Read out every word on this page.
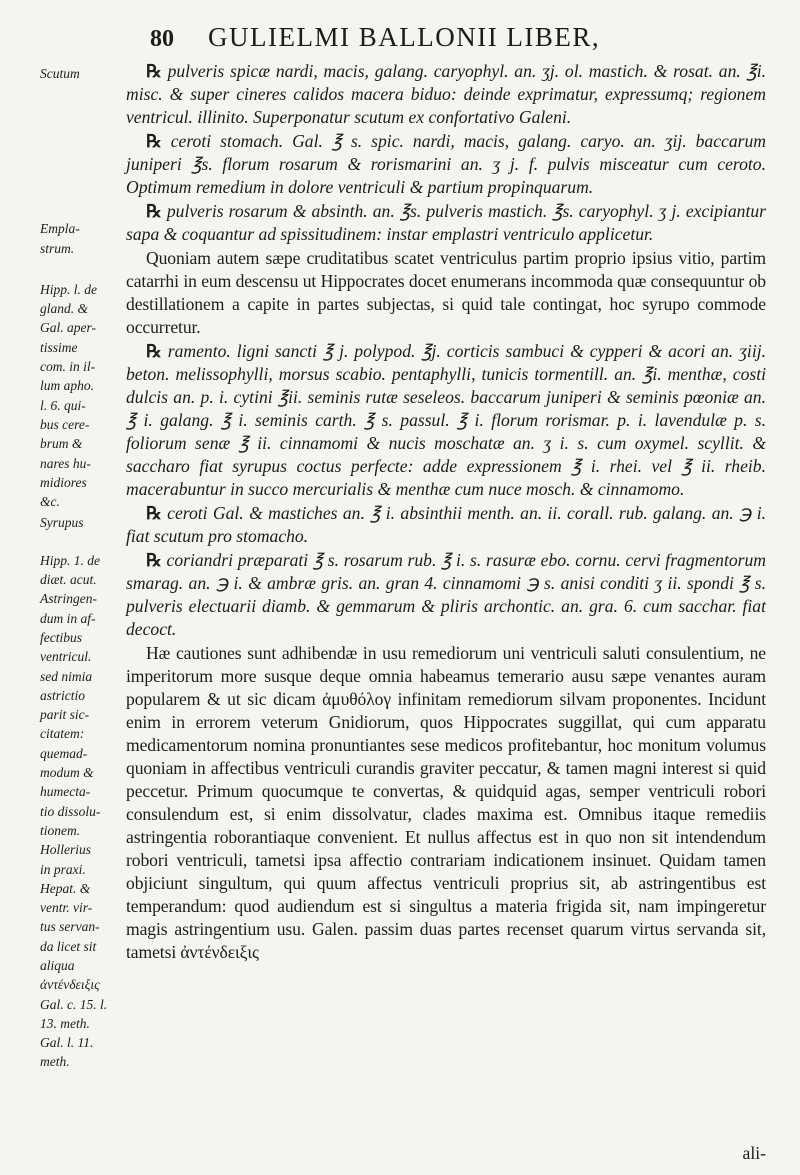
80 GULIELMI BALLONII LIBER,

Scutum

Empla-
strum.

Hipp. l. de
gland. &
Gal. aper-
tissime
com. in il-
lum apho.
l. 6. qui-
bus cere-
brum &
nares hu-
midiores
&c.

Syrupus

Hipp. 1. de
diæt. acut.
Astringen-
dum in af-
fectibus
ventricul.
sed nimia
astrictio
parit sic-
citatem:
quemad-
modum &
humecta-
tio dissolu-
tionem.
Hollerius
in praxi.
Hepat. &
ventr. vir-
tus servan-
da licet sit
aliqua
ἀντένδειξις
Gal. c. 15. l.
13. meth.
Gal. l. 11.
meth.

℞ pulveris spicæ nardi, macis, galang. caryophyl. an. ʒj. ol. mastich. & rosat. an. ℥i. misc. & super cineres calidos macera biduo: deinde exprimatur, expressumq; regionem ventricul. illinito. Superponatur scutum ex confortativo Galeni.

℞ ceroti stomach. Gal. ℥ s. spic. nardi, macis, galang. caryo. an. ʒij. baccarum juniperi ℥s. florum rosarum & rorismarini an. ʒ j. f. pulvis misceatur cum ceroto. Optimum remedium in dolore ventriculi & partium propinquarum.

℞ pulveris rosarum & absinth. an. ℥s. pulveris mastich. ℥s. caryophyl. ʒ j. excipiantur sapa & coquantur ad spissitudinem: instar emplastri ventriculo applicetur.

Quoniam autem sæpe cruditatibus scatet ventriculus partim proprio ipsius vitio, partim catarrhi in eum descensu ut Hippocrates docet enumerans incommoda quæ consequuntur ob destillationem a capite in partes subjectas, si quid tale contingat, hoc syrupo commode occurretur.

℞ ramento. ligni sancti ℥ j. polypod. ℥j. corticis sambuci & cypperi & acori an. ʒiij. beton. melissophylli, morsus scabio. pentaphylli, tunicis tormentill. an. ℥i. menthæ, costi dulcis an. p. i. cytini ℥ii. seminis rutæ seseleos. baccarum juniperi & seminis pœoniæ an. ℥ i. galang. ℥ i. seminis carth. ℥ s. passul. ℥ i. florum rorismar. p. i. lavendulæ p. s. foliorum senæ ℥ ii. cinnamomi & nucis moschatæ an. ʒ i. s. cum oxymel. scyllit. & saccharo fiat syrupus coctus perfecte: adde expressionem ℥ i. rhei. vel ℥ ii. rheib. macerabuntur in succo mercurialis & menthæ cum nuce mosch. & cinnamomo.

℞ ceroti Gal. & mastiches an. ℥ i. absinthii menth. an. ii. corall. rub. galang. an. ℈ i. fiat scutum pro stomacho.

℞ coriandri præparati ℥ s. rosarum rub. ℥ i. s. rasuræ ebo. cornu. cervi fragmentorum smarag. an. ℈ i. & ambræ gris. an. gran 4. cinnamomi ℈ s. anisi conditi ʒ ii. spondi ℥ s. pulveris electuarii diamb. & gemmarum & pliris archontic. an. gra. 6. cum sacchar. fiat decoct.

Hæ cautiones sunt adhibendæ in usu remediorum uni ventriculi saluti consulentium, ne imperitorum more susque deque omnia habeamus temerario ausu sæpe venantes auram popularem & ut sic dicam ἀμυθόλογ infinitam remediorum silvam proponentes. Incidunt enim in errorem veterum Gnidiorum, quos Hippocrates suggillat, qui cum apparatu medicamentorum nomina pronuntiantes sese medicos profitebantur, hoc monitum volumus quoniam in affectibus ventriculi curandis graviter peccatur, & tamen magni interest si quid peccetur. Primum quocumque te convertas, & quidquid agas, semper ventriculi robori consulendum est, si enim dissolvatur, clades maxima est. Omnibus itaque remediis astringentia roborantiaque convenient. Et nullus affectus est in quo non sit intendendum robori ventriculi, tametsi ipsa affectio contrariam indicationem insinuet. Quidam tamen objiciunt singultum, qui quum affectus ventriculi proprius sit, ab astringentibus est temperandum: quod audiendum est si singultus a materia frigida sit, nam impingeretur magis astringentium usu. Galen. passim duas partes recenset quarum virtus servanda sit, tametsi ἀντένδειξις

ali-
